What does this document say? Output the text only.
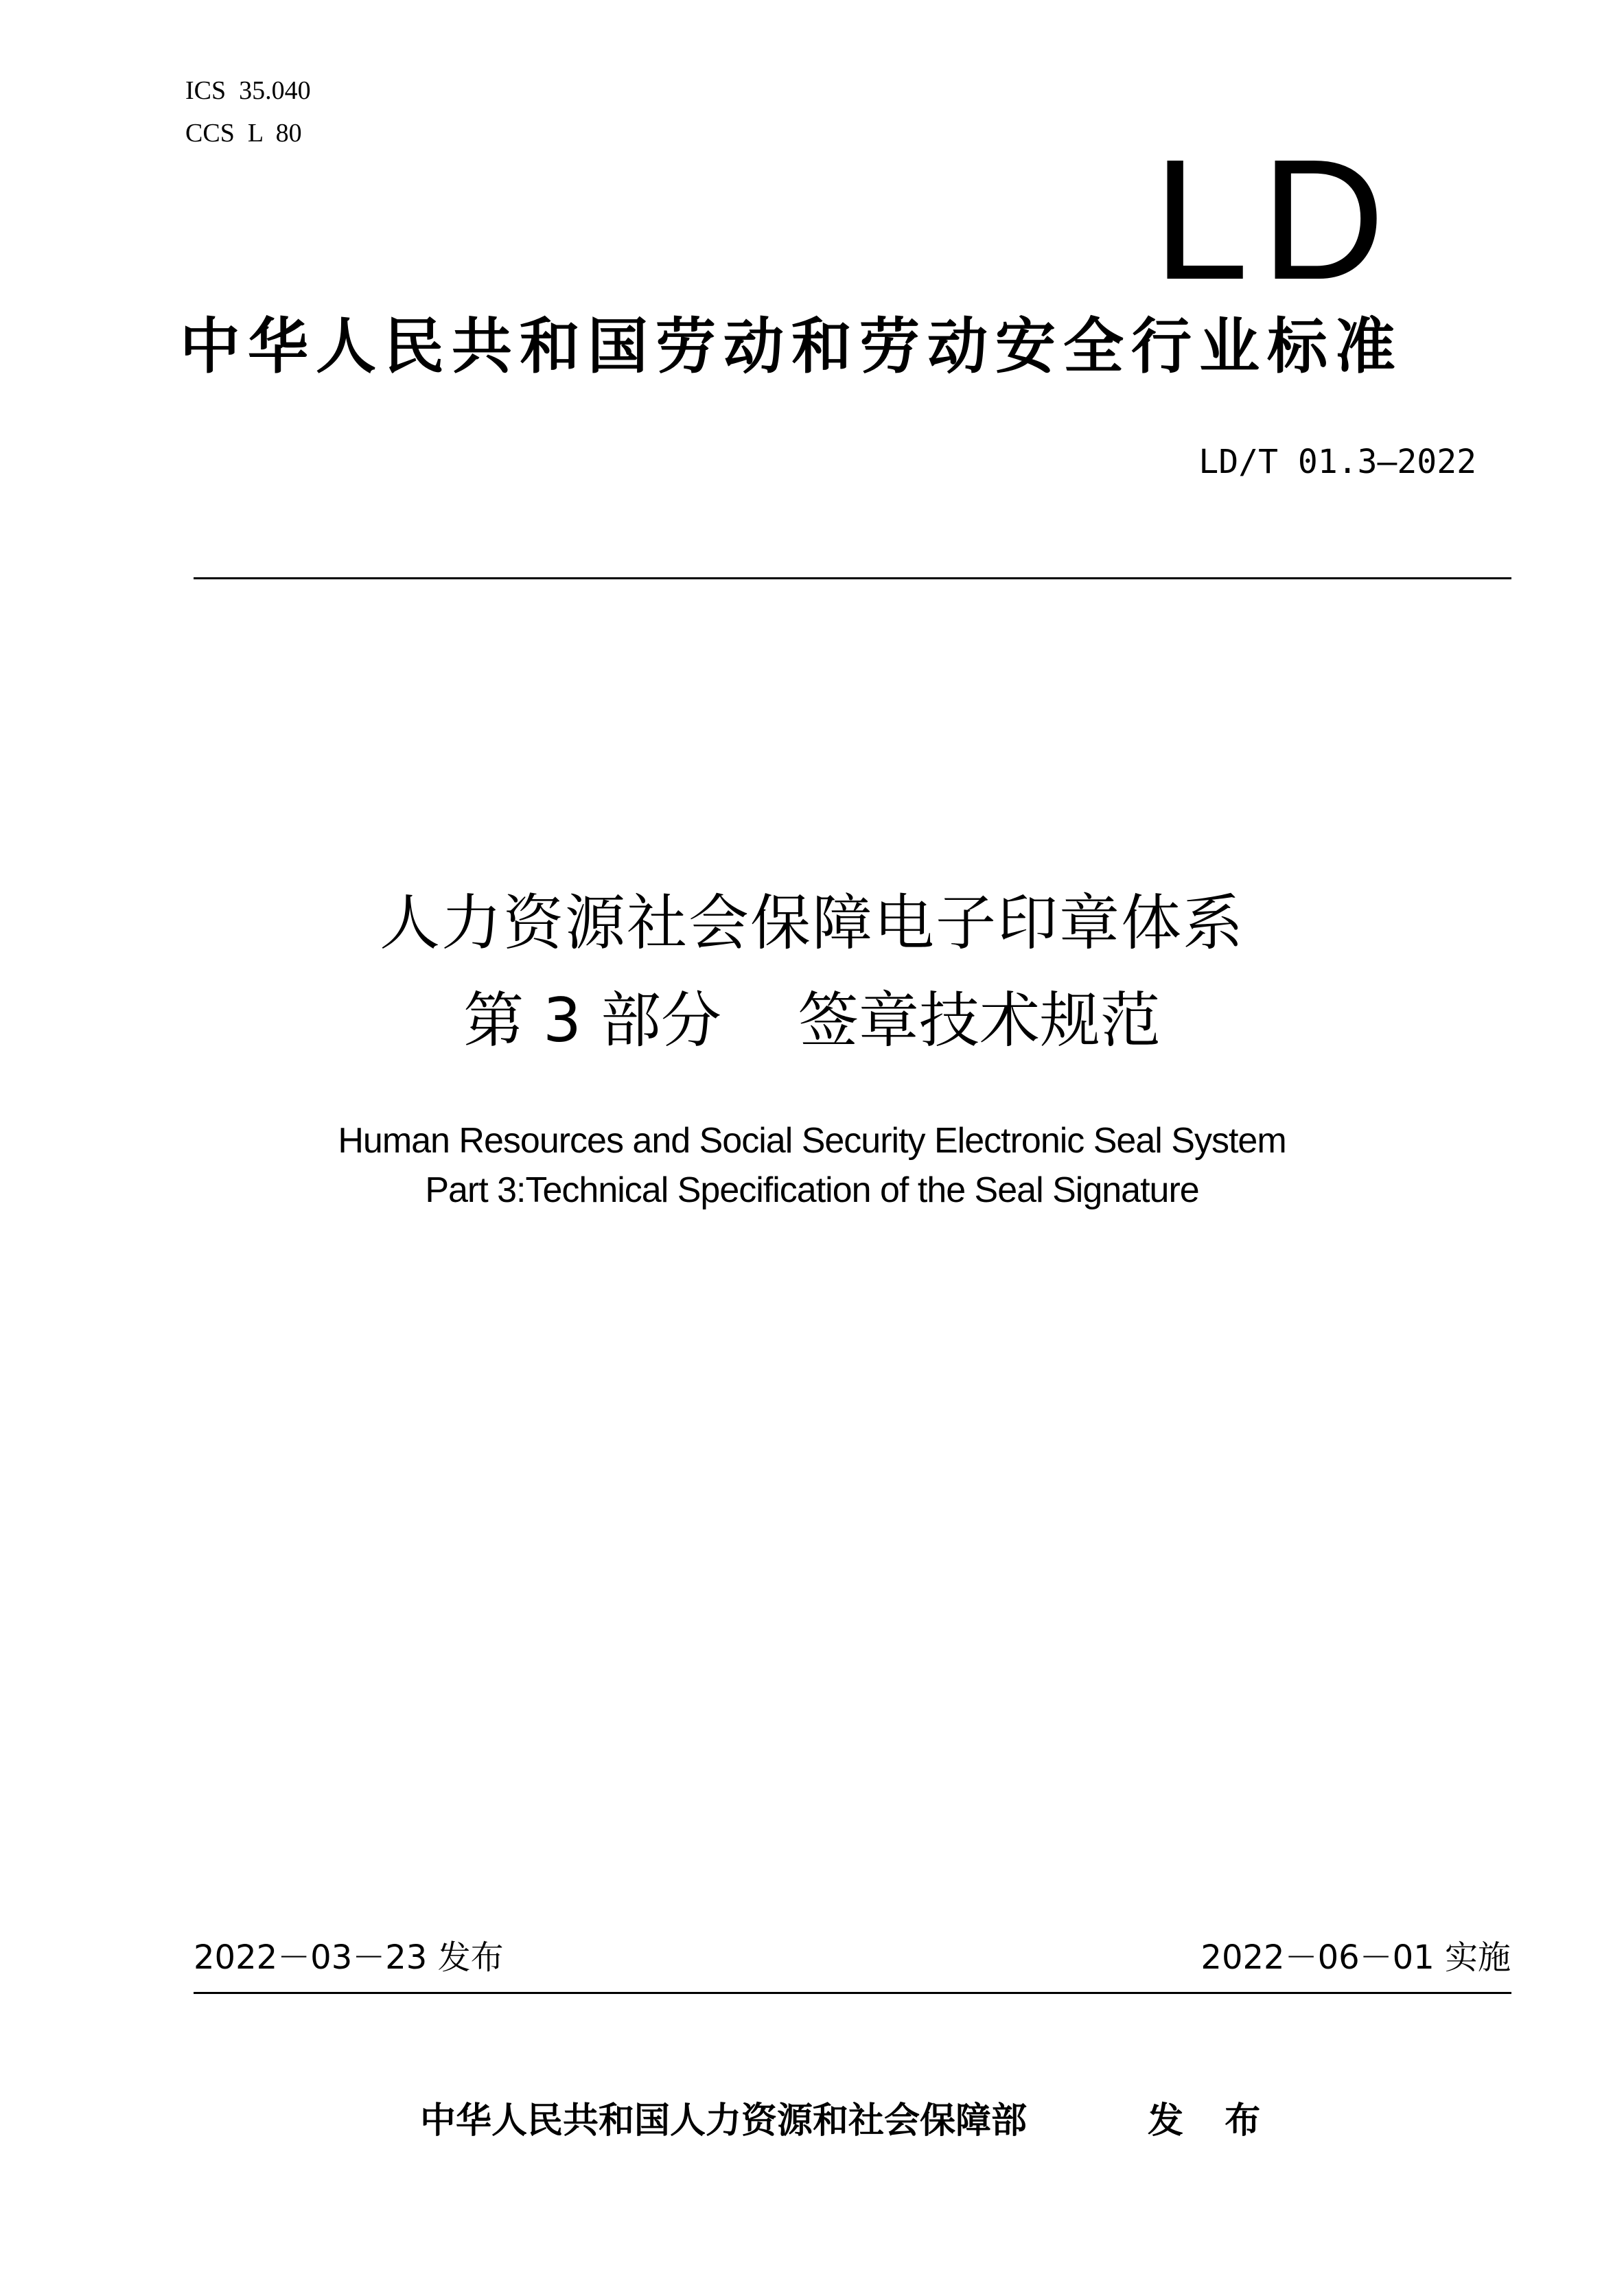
ICS  35.040
CCS  L  80	LD
中华人民共和国劳动和劳动安全行业标准
LD/T 01.3—2022
人力资源社会保障电子印章体系
第 3 部分    签章技术规范
Human Resources and Social Security Electronic Seal System
Part 3:Technical Specification of the Seal Signature
2022－03－23 发布	2022－06－01 实施
中华人民共和国人力资源和社会保障部	发  布
